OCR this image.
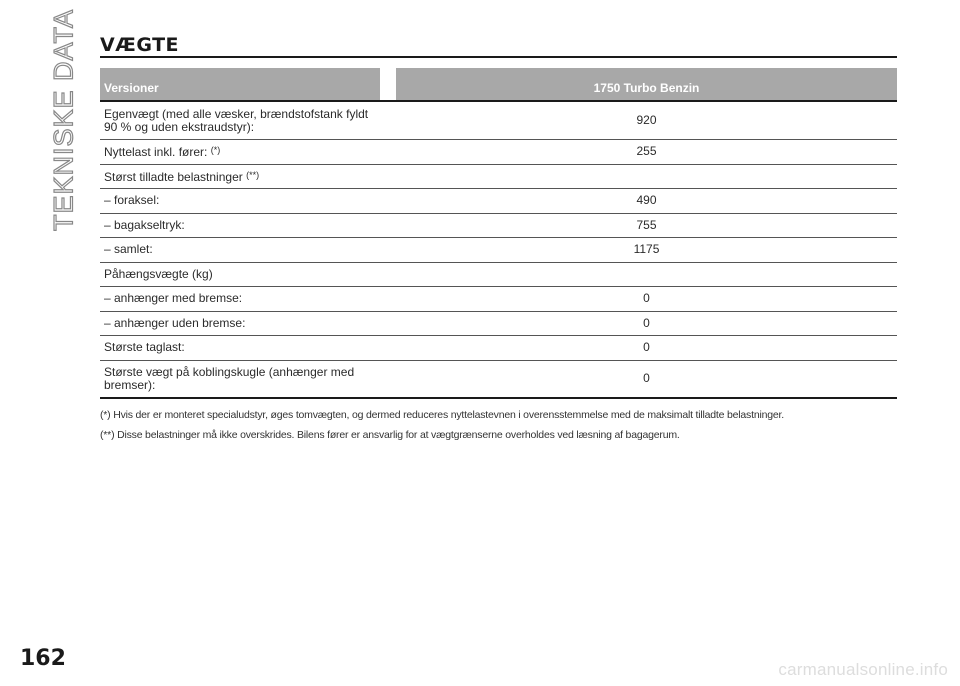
TEKNISKE DATA VÆGTE
Versioner	1750 Turbo Benzin
Egenvægt (med alle væsker, brændstofstank fyldt
90 % og uden ekstraudstyr):	920
Nyttelast inkl. fører: (*)	255
Størst tilladte belastninger (**)
– foraksel:	490
– bagakseltryk:	755
– samlet:	1175
Påhængsvægte (kg)
– anhænger med bremse:	0
– anhænger uden bremse:	0
Største taglast:	0
Største vægt på koblingskugle (anhænger med
bremser):	0
(*) Hvis der er monteret specialudstyr, øges tomvægten, og dermed reduceres nyttelastevnen i overensstemmelse med de maksimalt tilladte belastninger.
(**) Disse belastninger må ikke overskrides. Bilens fører er ansvarlig for at vægtgrænserne overholdes ved læsning af bagagerum.
162	carmanualsonline.info
